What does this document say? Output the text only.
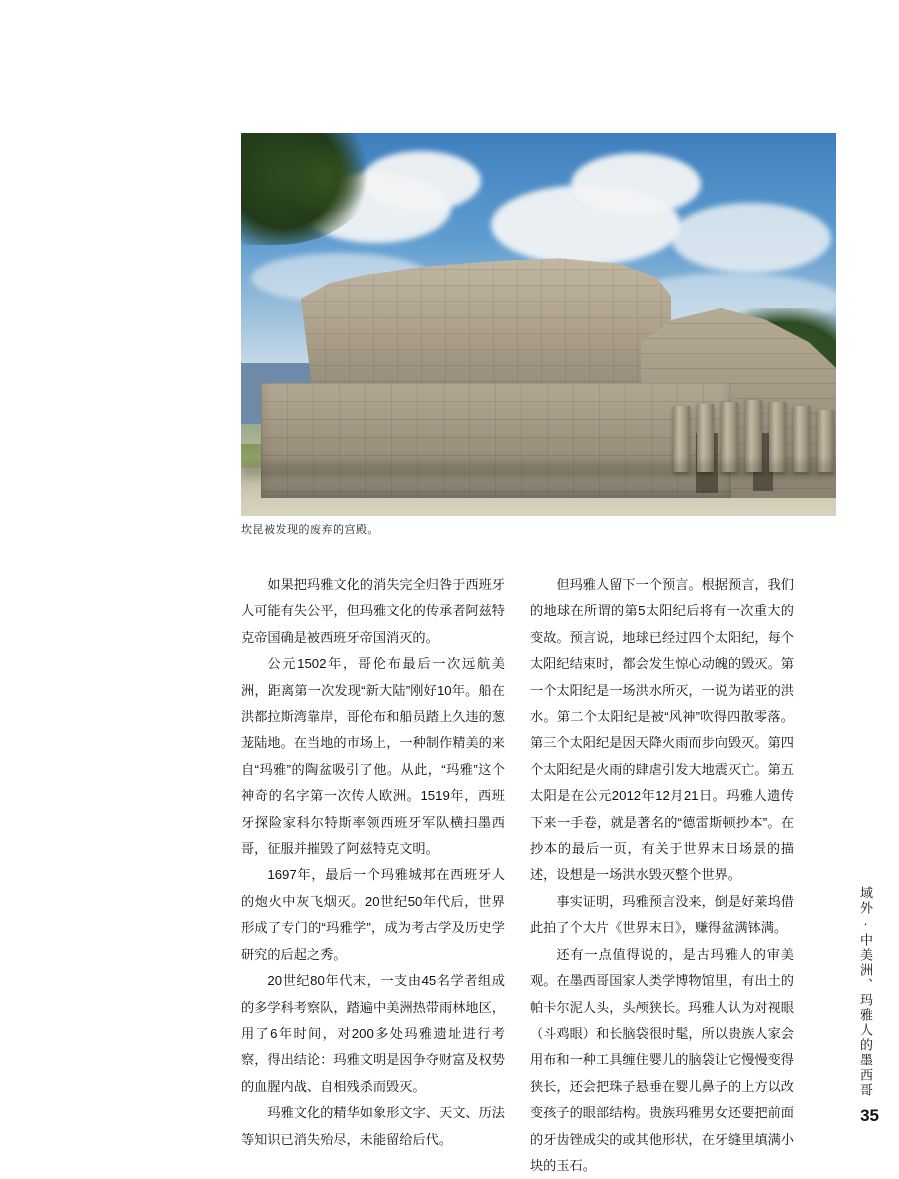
坎昆被发现的废弃的宫殿。

如果把玛雅文化的消失完全归咎于西班牙人可能有失公平，但玛雅文化的传承者阿兹特克帝国确是被西班牙帝国消灭的。

公元1502年，哥伦布最后一次远航美洲，距离第一次发现“新大陆”刚好10年。船在洪都拉斯湾靠岸，哥伦布和船员踏上久违的葱茏陆地。在当地的市场上，一种制作精美的来自“玛雅”的陶盆吸引了他。从此，“玛雅”这个神奇的名字第一次传人欧洲。1519年，西班牙探险家科尔特斯率领西班牙军队横扫墨西哥，征服并摧毁了阿兹特克文明。

1697年，最后一个玛雅城邦在西班牙人的炮火中灰飞烟灭。20世纪50年代后，世界形成了专门的“玛雅学”，成为考古学及历史学研究的后起之秀。

20世纪80年代末，一支由45名学者组成的多学科考察队，踏遍中美洲热带雨林地区，用了6年时间，对200多处玛雅遗址进行考察，得出结论：玛雅文明是因争夺财富及权势的血腥内战、自相残杀而毁灭。

玛雅文化的精华如象形文字、天文、历法等知识已消失殆尽，未能留给后代。

但玛雅人留下一个预言。根据预言，我们的地球在所谓的第5太阳纪后将有一次重大的变故。预言说，地球已经过四个太阳纪，每个太阳纪结束时，都会发生惊心动魄的毁灭。第一个太阳纪是一场洪水所灭，一说为诺亚的洪水。第二个太阳纪是被“风神”吹得四散零落。第三个太阳纪是因天降火雨而步向毁灭。第四个太阳纪是火雨的肆虐引发大地震灭亡。第五太阳是在公元2012年12月21日。玛雅人遗传下来一手卷，就是著名的“德雷斯顿抄本”。在抄本的最后一页，有关于世界末日场景的描述，设想是一场洪水毁灭整个世界。

事实证明，玛雅预言没来，倒是好莱坞借此拍了个大片《世界末日》，赚得盆满钵满。

还有一点值得说的，是古玛雅人的审美观。在墨西哥国家人类学博物馆里，有出土的帕卡尔泥人头，头颅狭长。玛雅人认为对视眼（斗鸡眼）和长脑袋很时髦，所以贵族人家会用布和一种工具缠住婴儿的脑袋让它慢慢变得狭长，还会把珠子悬垂在婴儿鼻子的上方以改变孩子的眼部结构。贵族玛雅男女还要把前面的牙齿锉成尖的或其他形状，在牙缝里填满小块的玉石。

域外·中美洲、玛雅人的墨西哥
35
